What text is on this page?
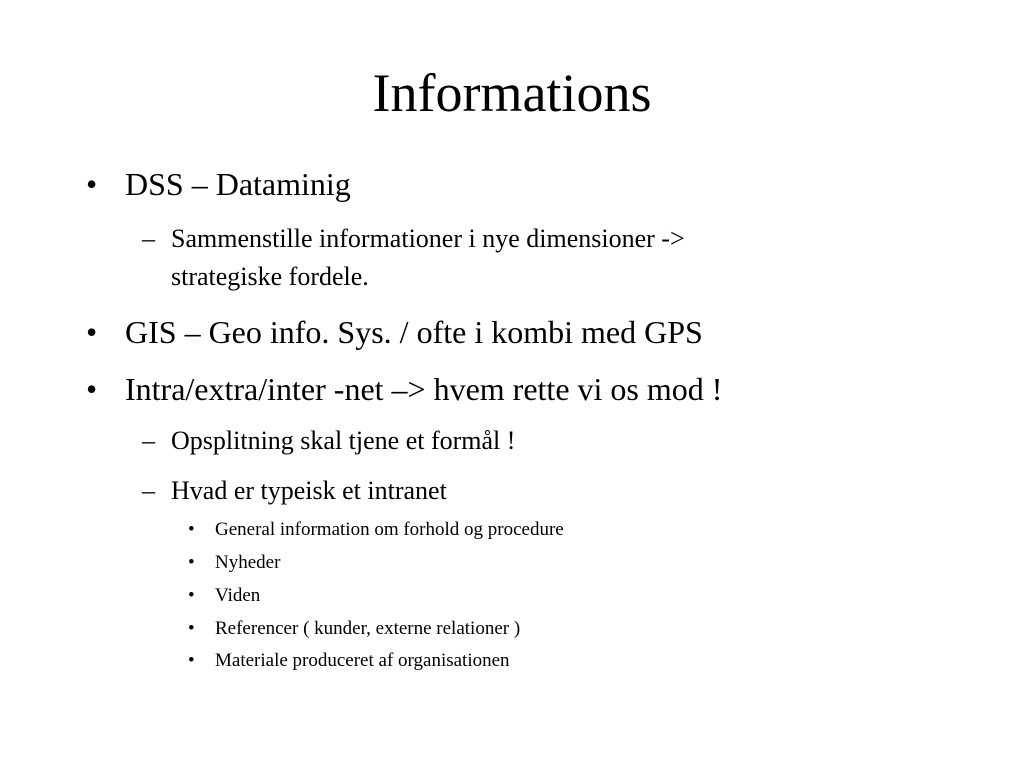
Informations
• DSS – Dataminig
– Sammenstille informationer i nye dimensioner ->
strategiske fordele.
• GIS – Geo info. Sys. / ofte i kombi med GPS
• Intra/extra/inter -net –> hvem rette vi os mod !
– Opsplitning skal tjene et formål !
– Hvad er typeisk et intranet
• General information om forhold og procedure
• Nyheder
• Viden
• Referencer ( kunder, externe relationer )
• Materiale produceret af organisationen
